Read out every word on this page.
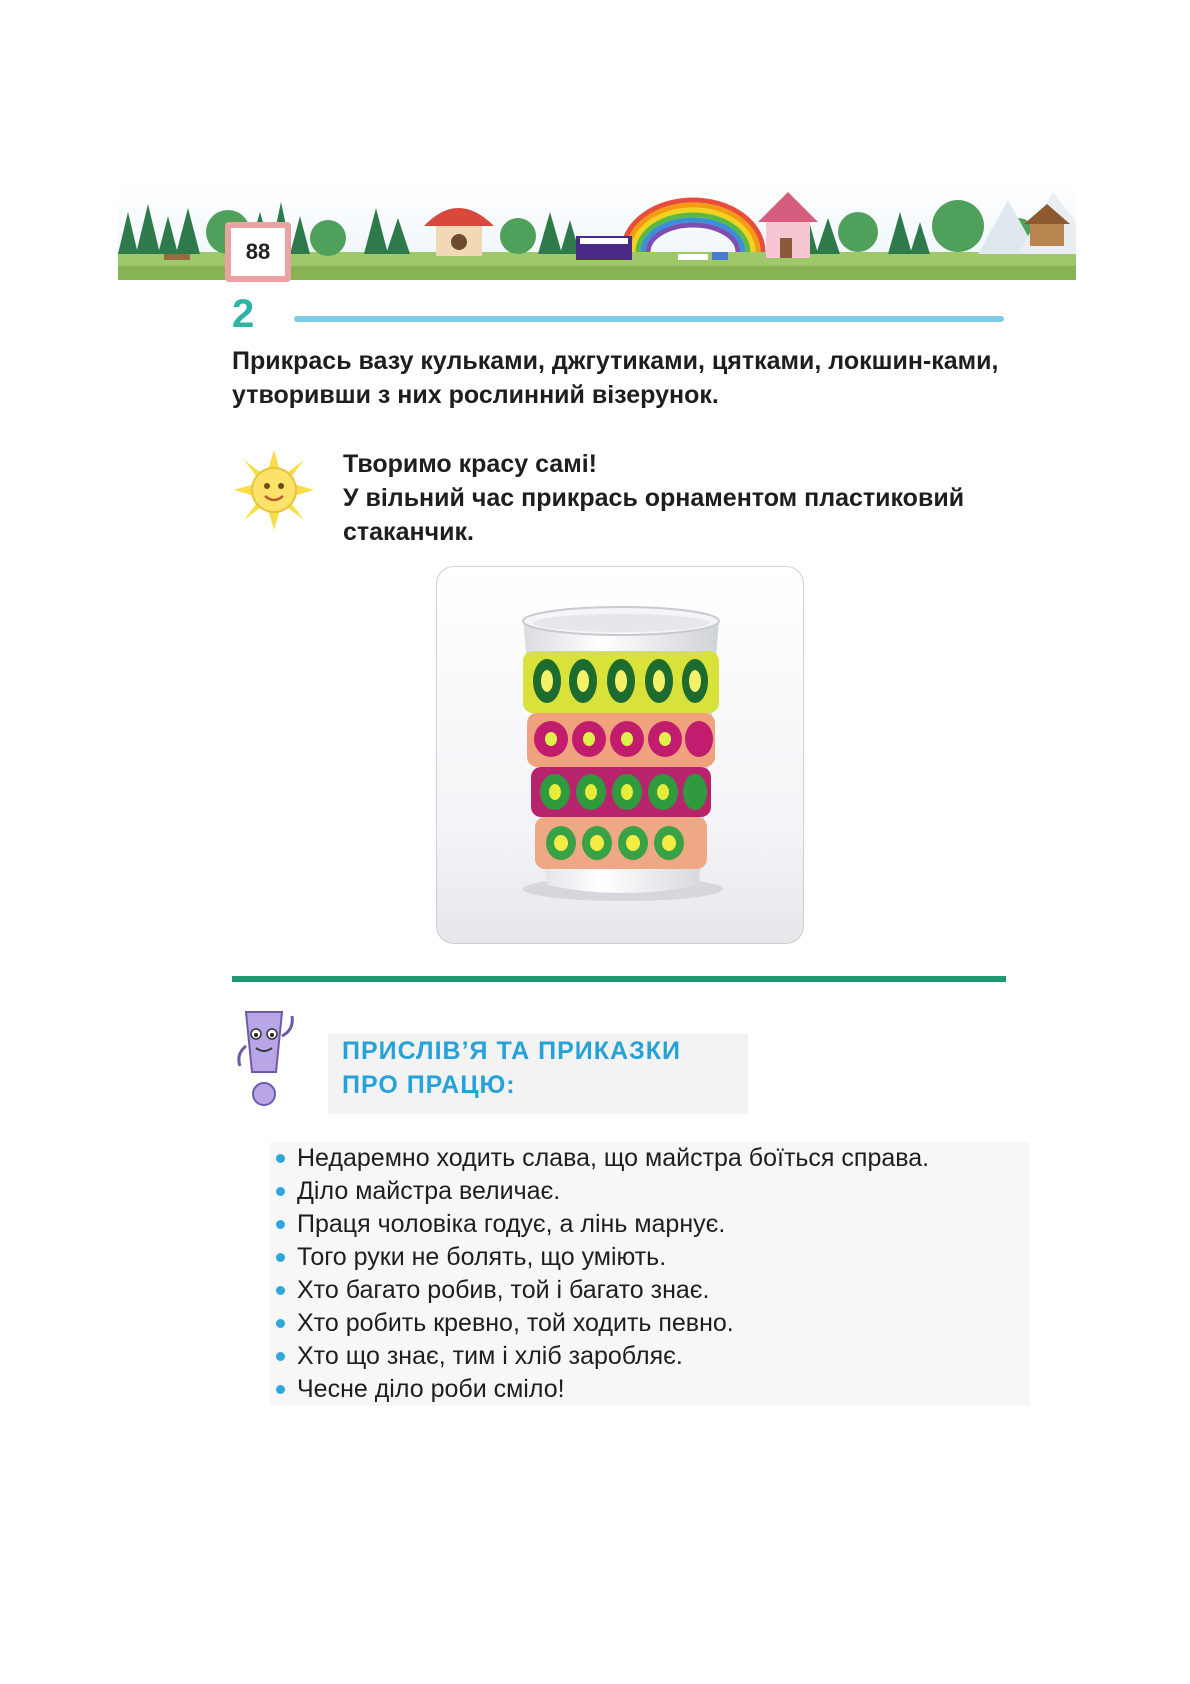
88
2
Прикрась вазу кульками, джгутиками, цятками, локшин-ками, утворивши з них рослинний візерунок.
Творимо красу самі!
У вільний час прикрась орнаментом пластиковий стаканчик.
ПРИСЛІВ’Я ТА ПРИКАЗКИ
ПРО ПРАЦЮ:
Недаремно ходить слава, що майстра боїться справа.
Діло майстра величає.
Праця чоловіка годує, а лінь марнує.
Того руки не болять, що уміють.
Хто багато робив, той і багато знає.
Хто робить кревно, той ходить певно.
Хто що знає, тим і хліб заробляє.
Чесне діло роби сміло!
